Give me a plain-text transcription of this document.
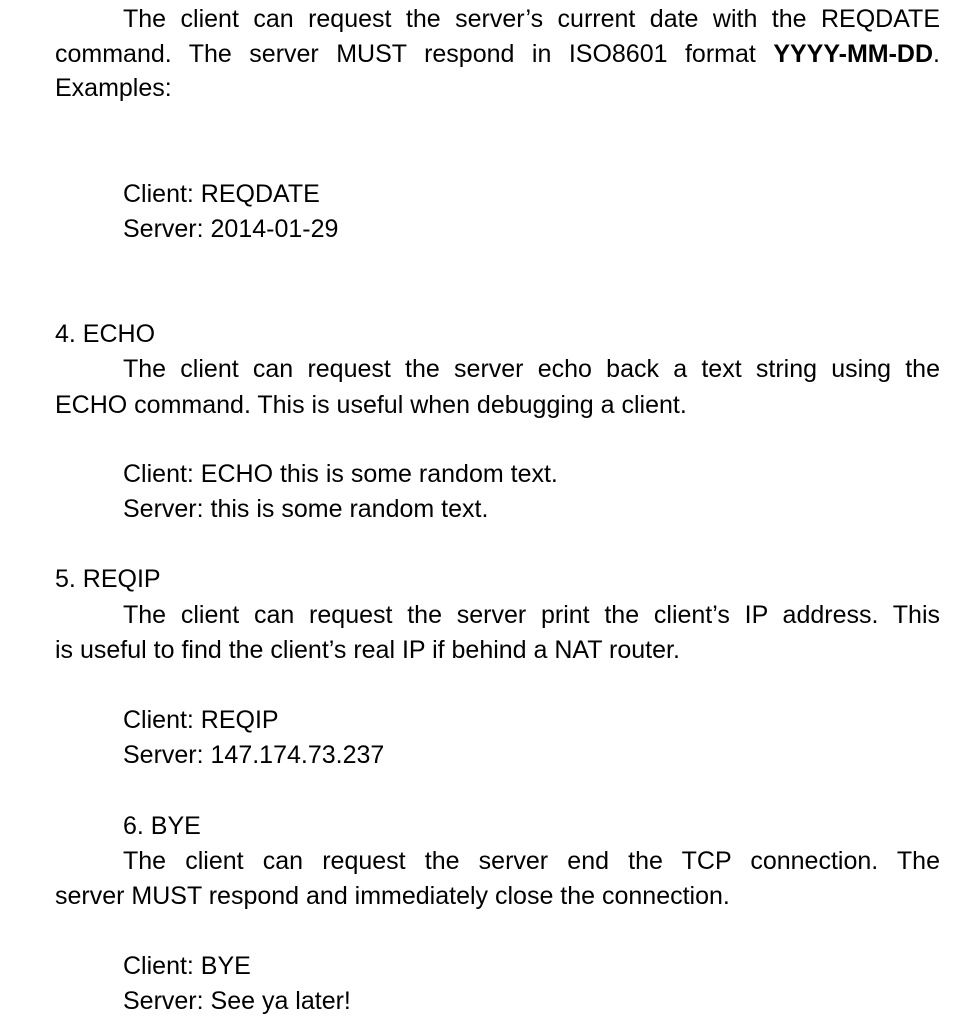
The client can request the server’s current date with the REQDATE
command. The server MUST respond in ISO8601 format YYYY-MM-DD.
Examples:
Client: REQDATE
Server: 2014-01-29
4. ECHO
The client can request the server echo back a text string using the
ECHO command. This is useful when debugging a client.
Client: ECHO this is some random text.
Server: this is some random text.
5. REQIP
The client can request the server print the client’s IP address. This
is useful to find the client’s real IP if behind a NAT router.
Client: REQIP
Server: 147.174.73.237
6. BYE
The client can request the server end the TCP connection. The
server MUST respond and immediately close the connection.
Client: BYE
Server: See ya later!
